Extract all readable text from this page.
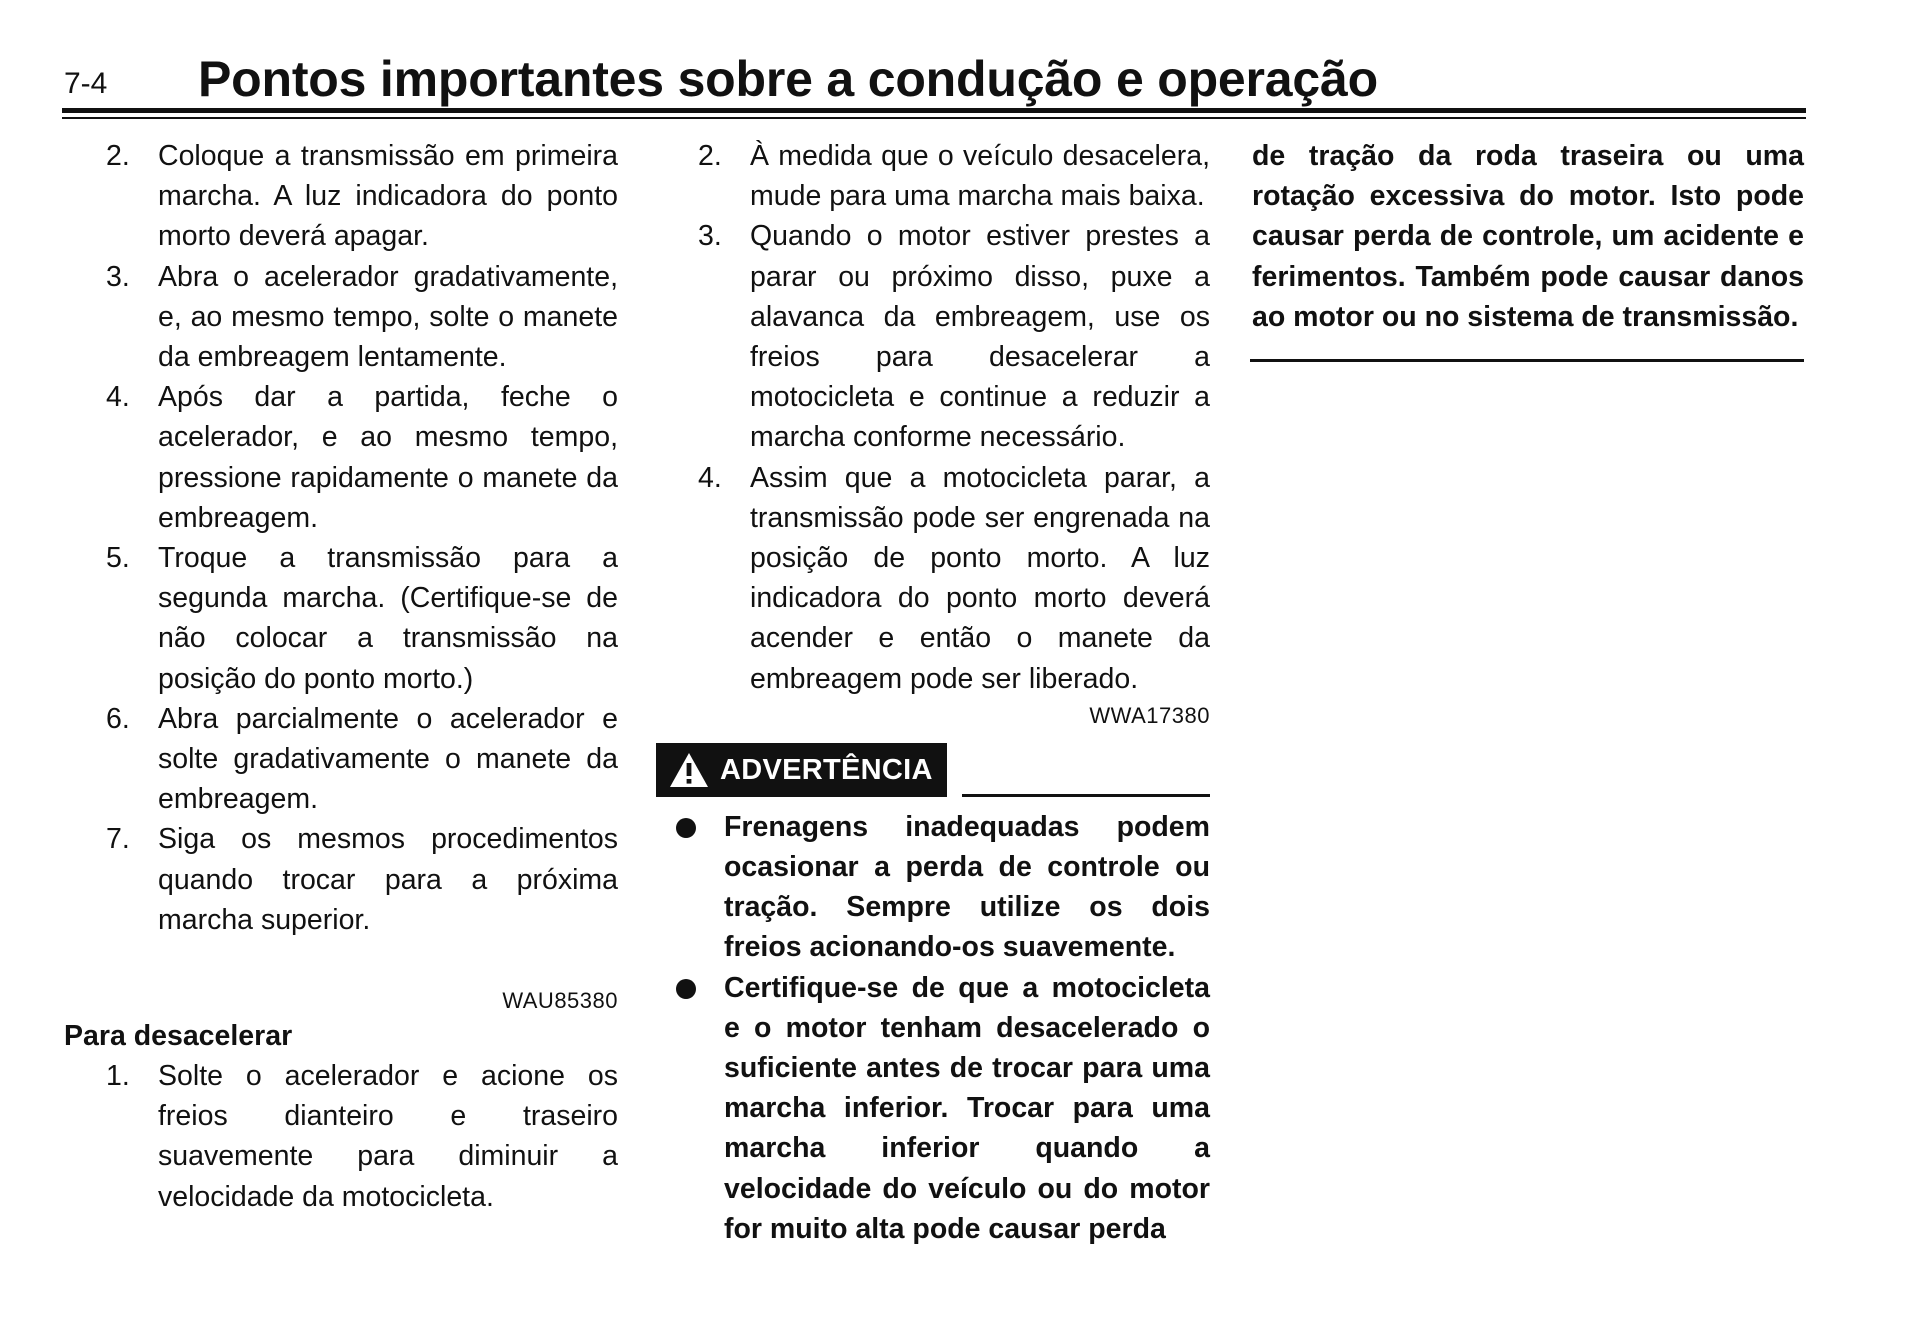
7-4 Pontos importantes sobre a condução e operação
2. Coloque a transmissão em primeira marcha. A luz indicadora do ponto morto deverá apagar.
3. Abra o acelerador gradativamente, e, ao mesmo tempo, solte o manete da embreagem lentamente.
4. Após dar a partida, feche o acelerador, e ao mesmo tempo, pressione rapidamente o manete da embreagem.
5. Troque a transmissão para a segunda marcha. (Certifique-se de não colocar a transmissão na posição do ponto morto.)
6. Abra parcialmente o acelerador e solte gradativamente o manete da embreagem.
7. Siga os mesmos procedimentos quando trocar para a próxima marcha superior.
WAU85380
Para desacelerar
1. Solte o acelerador e acione os freios dianteiro e traseiro suavemente para diminuir a velocidade da motocicleta.
2. À medida que o veículo desacelera, mude para uma marcha mais baixa.
3. Quando o motor estiver prestes a parar ou próximo disso, puxe a alavanca da embreagem, use os freios para desacelerar a motocicleta e continue a reduzir a marcha conforme necessário.
4. Assim que a motocicleta parar, a transmissão pode ser engrenada na posição de ponto morto. A luz indicadora do ponto morto deverá acender e então o manete da embreagem pode ser liberado.
WWA17380
ADVERTÊNCIA
Frenagens inadequadas podem ocasionar a perda de controle ou tração. Sempre utilize os dois freios acionando-os suavemente.
Certifique-se de que a motocicleta e o motor tenham desacelerado o suficiente antes de trocar para uma marcha inferior. Trocar para uma marcha inferior quando a velocidade do veículo ou do motor for muito alta pode causar perda
de tração da roda traseira ou uma rotação excessiva do motor. Isto pode causar perda de controle, um acidente e ferimentos. Também pode causar danos ao motor ou no sistema de transmissão.
